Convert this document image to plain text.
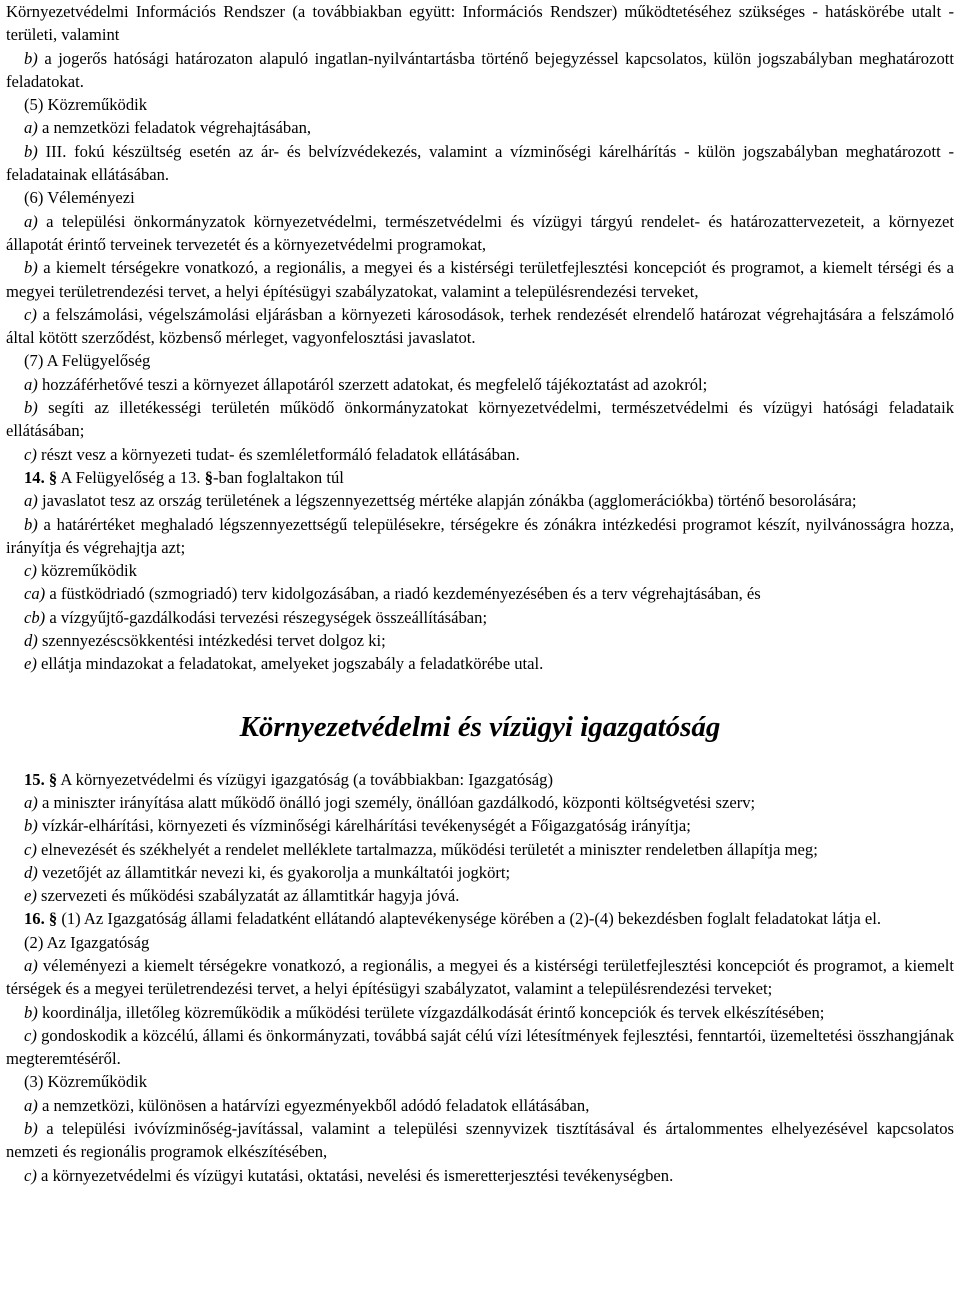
Környezetvédelmi Információs Rendszer (a továbbiakban együtt: Információs Rendszer) működtetéséhez szükséges - hatáskörébe utalt - területi, valamint

b) a jogerős hatósági határozaton alapuló ingatlan-nyilvántartásba történő bejegyzéssel kapcsolatos, külön jogszabályban meghatározott feladatokat.

(5) Közreműködik

a) a nemzetközi feladatok végrehajtásában,

b) III. fokú készültség esetén az ár- és belvízvédekezés, valamint a vízminőségi kárelhárítás - külön jogszabályban meghatározott - feladatainak ellátásában.

(6) Véleményezi

a) a települési önkormányzatok környezetvédelmi, természetvédelmi és vízügyi tárgyú rendelet- és határozattervezeteit, a környezet állapotát érintő terveinek tervezetét és a környezetvédelmi programokat,

b) a kiemelt térségekre vonatkozó, a regionális, a megyei és a kistérségi területfejlesztési koncepciót és programot, a kiemelt térségi és a megyei területrendezési tervet, a helyi építésügyi szabályzatokat, valamint a településrendezési terveket,

c) a felszámolási, végelszámolási eljárásban a környezeti károsodások, terhek rendezését elrendelő határozat végrehajtására a felszámoló által kötött szerződést, közbenső mérleget, vagyonfelosztási javaslatot.

(7) A Felügyelőség

a) hozzáférhetővé teszi a környezet állapotáról szerzett adatokat, és megfelelő tájékoztatást ad azokról;

b) segíti az illetékességi területén működő önkormányzatokat környezetvédelmi, természetvédelmi és vízügyi hatósági feladataik ellátásában;

c) részt vesz a környezeti tudat- és szemléletformáló feladatok ellátásában.

14. § A Felügyelőség a 13. §-ban foglaltakon túl

a) javaslatot tesz az ország területének a légszennyezettség mértéke alapján zónákba (agglomerációkba) történő besorolására;

b) a határértéket meghaladó légszennyezettségű településekre, térségekre és zónákra intézkedési programot készít, nyilvánosságra hozza, irányítja és végrehajtja azt;

c) közreműködik

ca) a füstködriadó (szmogriadó) terv kidolgozásában, a riadó kezdeményezésében és a terv végrehajtásában, és

cb) a vízgyűjtő-gazdálkodási tervezési részegységek összeállításában;

d) szennyezéscsökkentési intézkedési tervet dolgoz ki;

e) ellátja mindazokat a feladatokat, amelyeket jogszabály a feladatkörébe utal.

Környezetvédelmi és vízügyi igazgatóság

15. § A környezetvédelmi és vízügyi igazgatóság (a továbbiakban: Igazgatóság)

a) a miniszter irányítása alatt működő önálló jogi személy, önállóan gazdálkodó, központi költségvetési szerv;

b) vízkár-elhárítási, környezeti és vízminőségi kárelhárítási tevékenységét a Főigazgatóság irányítja;

c) elnevezését és székhelyét a rendelet melléklete tartalmazza, működési területét a miniszter rendeletben állapítja meg;

d) vezetőjét az államtitkár nevezi ki, és gyakorolja a munkáltatói jogkört;

e) szervezeti és működési szabályzatát az államtitkár hagyja jóvá.

16. § (1) Az Igazgatóság állami feladatként ellátandó alaptevékenysége körében a (2)-(4) bekezdésben foglalt feladatokat látja el.

(2) Az Igazgatóság

a) véleményezi a kiemelt térségekre vonatkozó, a regionális, a megyei és a kistérségi területfejlesztési koncepciót és programot, a kiemelt térségek és a megyei területrendezési tervet, a helyi építésügyi szabályzatot, valamint a településrendezési terveket;

b) koordinálja, illetőleg közreműködik a működési területe vízgazdálkodását érintő koncepciók és tervek elkészítésében;

c) gondoskodik a közcélú, állami és önkormányzati, továbbá saját célú vízi létesítmények fejlesztési, fenntartói, üzemeltetési összhangjának megteremtéséről.

(3) Közreműködik

a) a nemzetközi, különösen a határvízi egyezményekből adódó feladatok ellátásában,

b) a települési ivóvízminőség-javítással, valamint a települési szennyvizek tisztításával és ártalommentes elhelyezésével kapcsolatos nemzeti és regionális programok elkészítésében,

c) a környezetvédelmi és vízügyi kutatási, oktatási, nevelési és ismeretterjesztési tevékenységben.
